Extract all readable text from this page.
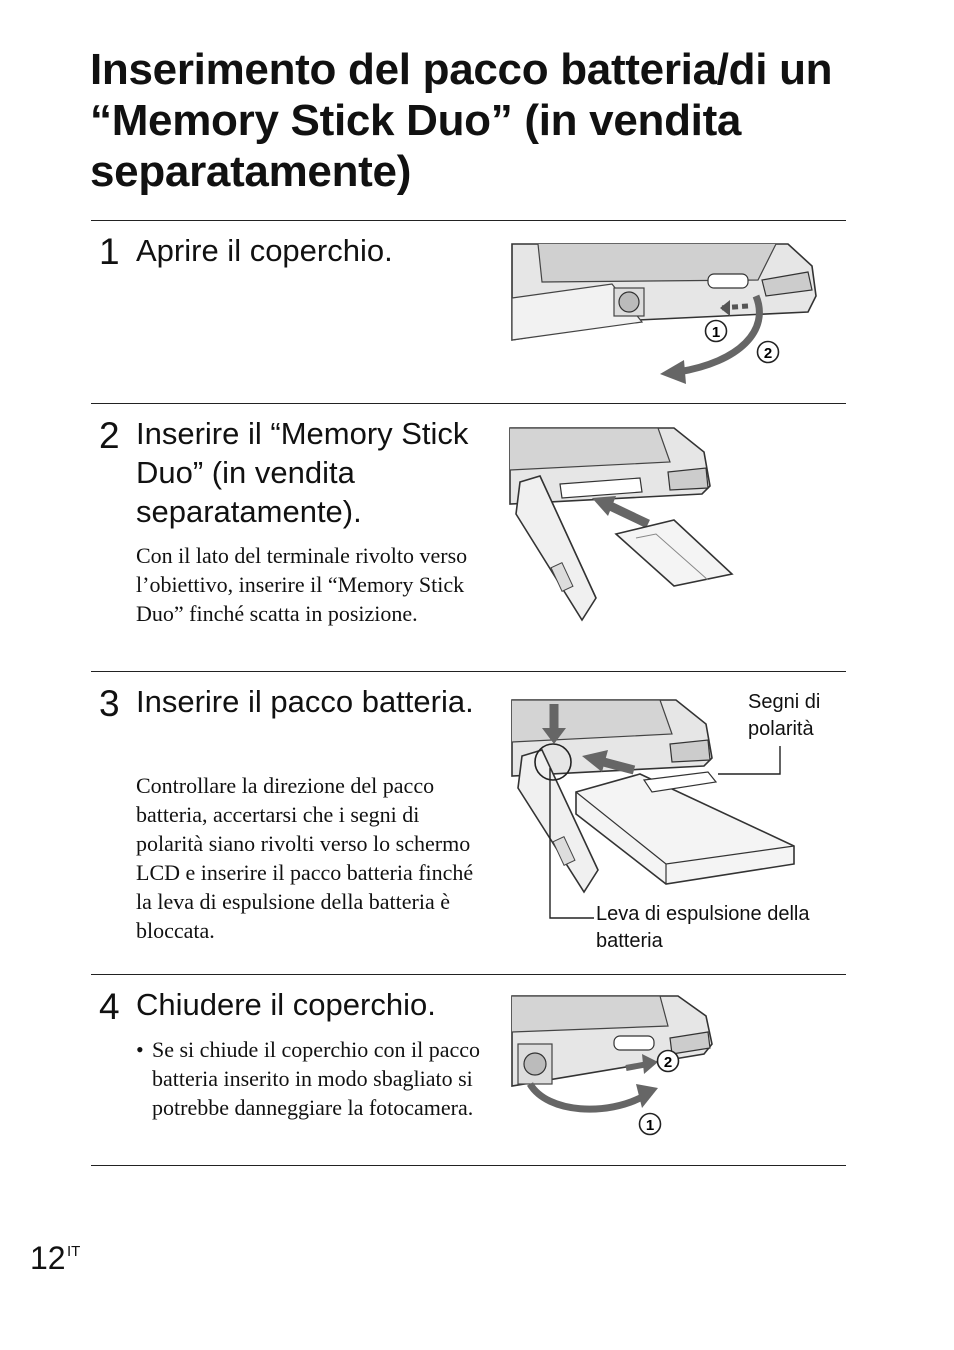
Inserimento del pacco batteria/di un “Memory Stick Duo” (in vendita separatamente)
1 Aprire il coperchio.
1
2
2 Inserire il “Memory Stick Duo” (in vendita separatamente).

Con il lato del terminale rivolto verso l’obiettivo, inserire il “Memory Stick Duo” finché scatta in posizione.

3 Inserire il pacco batteria.

Controllare la direzione del pacco batteria, accertarsi che i segni di polarità siano rivolti verso lo schermo LCD e inserire il pacco batteria finché la leva di espulsione della batteria è bloccata.

Segni di polarità
Leva di espulsione della batteria
4 Chiudere il coperchio.
• Se si chiude il coperchio con il pacco batteria inserito in modo sbagliato si potrebbe danneggiare la fotocamera.
2
1
12 IT
